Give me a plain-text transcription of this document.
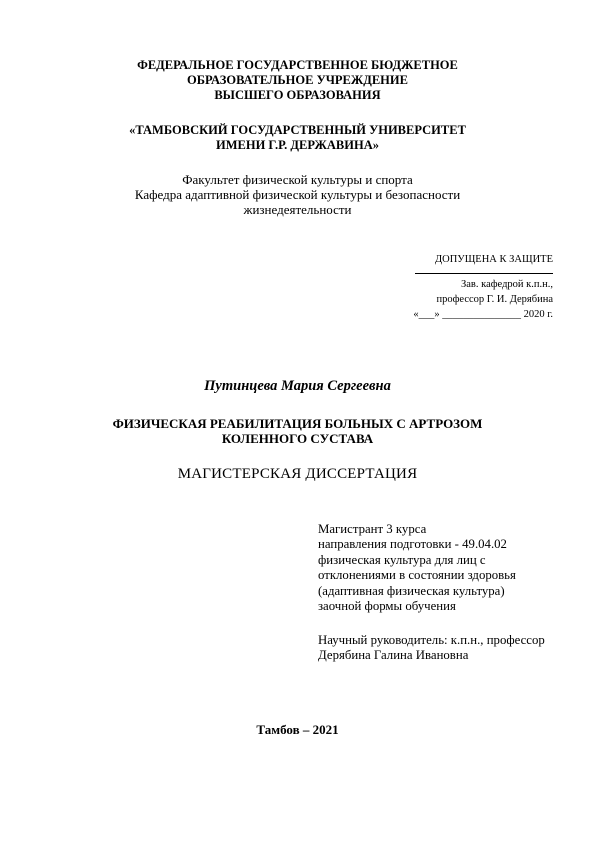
ФЕДЕРАЛЬНОЕ ГОСУДАРСТВЕННОЕ БЮДЖЕТНОЕ
ОБРАЗОВАТЕЛЬНОЕ УЧРЕЖДЕНИЕ
ВЫСШЕГО ОБРАЗОВАНИЯ
«ТАМБОВСКИЙ ГОСУДАРСТВЕННЫЙ УНИВЕРСИТЕТ
ИМЕНИ Г.Р. ДЕРЖАВИНА»
Факультет физической культуры и спорта
Кафедра адаптивной физической культуры и безопасности
жизнедеятельности
ДОПУЩЕНА К ЗАЩИТЕ
Зав. кафедрой к.п.н.,
профессор Г. И. Дерябина
«___» _______________ 2020 г.
Путинцева Мария Сергеевна
ФИЗИЧЕСКАЯ РЕАБИЛИТАЦИЯ БОЛЬНЫХ С АРТРОЗОМ
КОЛЕННОГО СУСТАВА
МАГИСТЕРСКАЯ ДИССЕРТАЦИЯ
Магистрант 3 курса
направления подготовки - 49.04.02
физическая культура для лиц с
отклонениями в состоянии здоровья
(адаптивная физическая культура)
заочной формы обучения
Научный руководитель: к.п.н., профессор
Дерябина Галина Ивановна
Тамбов – 2021
